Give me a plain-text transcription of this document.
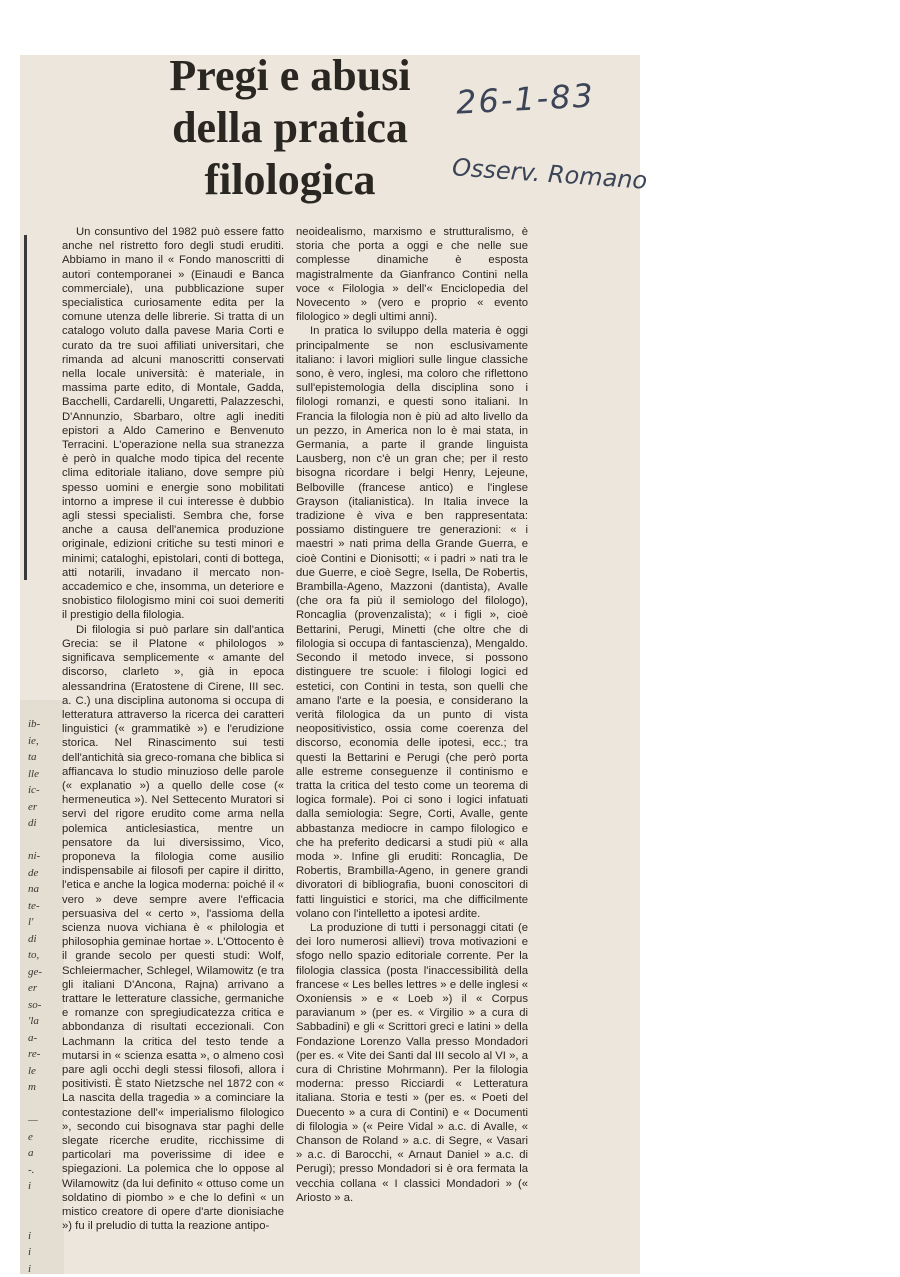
Pregi e abusi della pratica filologica
26-1-83
Osserv. Romano

Un consuntivo del 1982 può essere fatto anche nel ristretto foro degli studi eruditi. Abbiamo in mano il « Fondo manoscritti di autori contemporanei » (Einaudi e Banca commerciale), una pubblicazione super specialistica curiosamente edita per la comune utenza delle librerie. Si tratta di un catalogo voluto dalla pavese Maria Corti e curato da tre suoi affiliati universitari, che rimanda ad alcuni manoscritti conservati nella locale università: è materiale, in massima parte edito, di Montale, Gadda, Bacchelli, Cardarelli, Ungaretti, Palazzeschi, D'Annunzio, Sbarbaro, oltre agli inediti epistori a Aldo Camerino e Benvenuto Terracini. L'operazione nella sua stranezza è però in qualche modo tipica del recente clima editoriale italiano, dove sempre più spesso uomini e energie sono mobilitati intorno a imprese il cui interesse è dubbio agli stessi specialisti. Sembra che, forse anche a causa dell'anemica produzione originale, edizioni critiche su testi minori e minimi; cataloghi, epistolari, conti di bottega, atti notarili, invadano il mercato non-accademico e che, insomma, un deteriore e snobistico filologismo mini coi suoi demeriti il prestigio della filologia.

Di filologia si può parlare sin dall'antica Grecia: se il Platone « philologos » significava semplicemente « amante del discorso, clarleto », già in epoca alessandrina (Eratostene di Cirene, III sec. a. C.) una disciplina autonoma si occupa di letteratura attraverso la ricerca dei caratteri linguistici (« grammatikè ») e l'erudizione storica. Nel Rinascimento sui testi dell'antichità sia greco-romana che biblica si affiancava lo studio minuzioso delle parole (« explanatio ») a quello delle cose (« hermeneutica »). Nel Settecento Muratori si servì del rigore erudito come arma nella polemica anticlesiastica, mentre un pensatore da lui diversissimo, Vico, proponeva la filologia come ausilio indispensabile ai filosofi per capire il diritto, l'etica e anche la logica moderna: poiché il « vero » deve sempre avere l'efficacia persuasiva del « certo », l'assioma della scienza nuova vichiana è « philologia et philosophia geminae hortae ». L'Ottocento è il grande secolo per questi studi: Wolf, Schleiermacher, Schlegel, Wilamowitz (e tra gli italiani D'Ancona, Rajna) arrivano a trattare le letterature classiche, germaniche e romanze con spregiudicatezza critica e abbondanza di risultati eccezionali. Con Lachmann la critica del testo tende a mutarsi in « scienza esatta », o almeno così pare agli occhi degli stessi filosofi, allora i positivisti. È stato Nietzsche nel 1872 con « La nascita della tragedia » a cominciare la contestazione dell'« imperialismo filologico », secondo cui bisognava star paghi delle slegate ricerche erudite, ricchissime di particolari ma poverissime di idee e spiegazioni. La polemica che lo oppose al Wilamowitz (da lui definito « ottuso come un soldatino di piombo » e che lo definì « un mistico creatore di opere d'arte dionisiache ») fu il preludio di tutta la reazione antipo-

neoidealismo, marxismo e strutturalismo, è storia che porta a oggi e che nelle sue complesse dinamiche è esposta magistralmente da Gianfranco Contini nella voce « Filologia » dell'« Enciclopedia del Novecento » (vero e proprio « evento filologico » degli ultimi anni).

In pratica lo sviluppo della materia è oggi principalmente se non esclusivamente italiano: i lavori migliori sulle lingue classiche sono, è vero, inglesi, ma coloro che riflettono sull'epistemologia della disciplina sono i filologi romanzi, e questi sono italiani. In Francia la filologia non è più ad alto livello da un pezzo, in America non lo è mai stata, in Germania, a parte il grande linguista Lausberg, non c'è un gran che; per il resto bisogna ricordare i belgi Henry, Lejeune, Belboville (francese antico) e l'inglese Grayson (italianistica). In Italia invece la tradizione è viva e ben rappresentata: possiamo distinguere tre generazioni: « i maestri » nati prima della Grande Guerra, e cioè Contini e Dionisotti; « i padri » nati tra le due Guerre, e cioè Segre, Isella, De Robertis, Brambilla-Ageno, Mazzoni (dantista), Avalle (che ora fa più il semiologo del filologo), Roncaglia (provenzalista); « i figli », cioè Bettarini, Perugi, Minetti (che oltre che di filologia si occupa di fantascienza), Mengaldo. Secondo il metodo invece, si possono distinguere tre scuole: i filologi logici ed estetici, con Contini in testa, son quelli che amano l'arte e la poesia, e considerano la verità filologica da un punto di vista neopositivistico, ossia come coerenza del discorso, economia delle ipotesi, ecc.; tra questi la Bettarini e Perugi (che però porta alle estreme conseguenze il continismo e tratta la critica del testo come un teorema di logica formale). Poi ci sono i logici infatuati dalla semiologia: Segre, Corti, Avalle, gente abbastanza mediocre in campo filologico e che ha preferito dedicarsi a studi più « alla moda ». Infine gli eruditi: Roncaglia, De Robertis, Brambilla-Ageno, in genere grandi divoratori di bibliografia, buoni conoscitori di fatti linguistici e storici, ma che difficilmente volano con l'intelletto a ipotesi ardite.

La produzione di tutti i personaggi citati (e dei loro numerosi allievi) trova motivazioni e sfogo nello spazio editoriale corrente. Per la filologia classica (posta l'inaccessibilità della francese « Les belles lettres » e delle inglesi « Oxoniensis » e « Loeb ») il « Corpus paravianum » (per es. « Virgilio » a cura di Sabbadini) e gli « Scrittori greci e latini » della Fondazione Lorenzo Valla presso Mondadori (per es. « Vite dei Santi dal III secolo al VI », a cura di Christine Mohrmann). Per la filologia moderna: presso Ricciardi « Letteratura italiana. Storia e testi » (per es. « Poeti del Duecento » a cura di Contini) e « Documenti di filologia » (« Peire Vidal » a.c. di Avalle, « Chanson de Roland » a.c. di Segre, « Vasari » a.c. di Barocchi, « Arnaut Daniel » a.c. di Perugi); presso Mondadori si è ora fermata la vecchia collana « I classici Mondadori » (« Ariosto » a.

ib-
ie,
ta
lle
ic-
er
di

ni-
de
na
te-
l'
di
to,
ge-
er
so-
'la
a-
re-
le
m

—
e
a
-.
i

i
i
i
